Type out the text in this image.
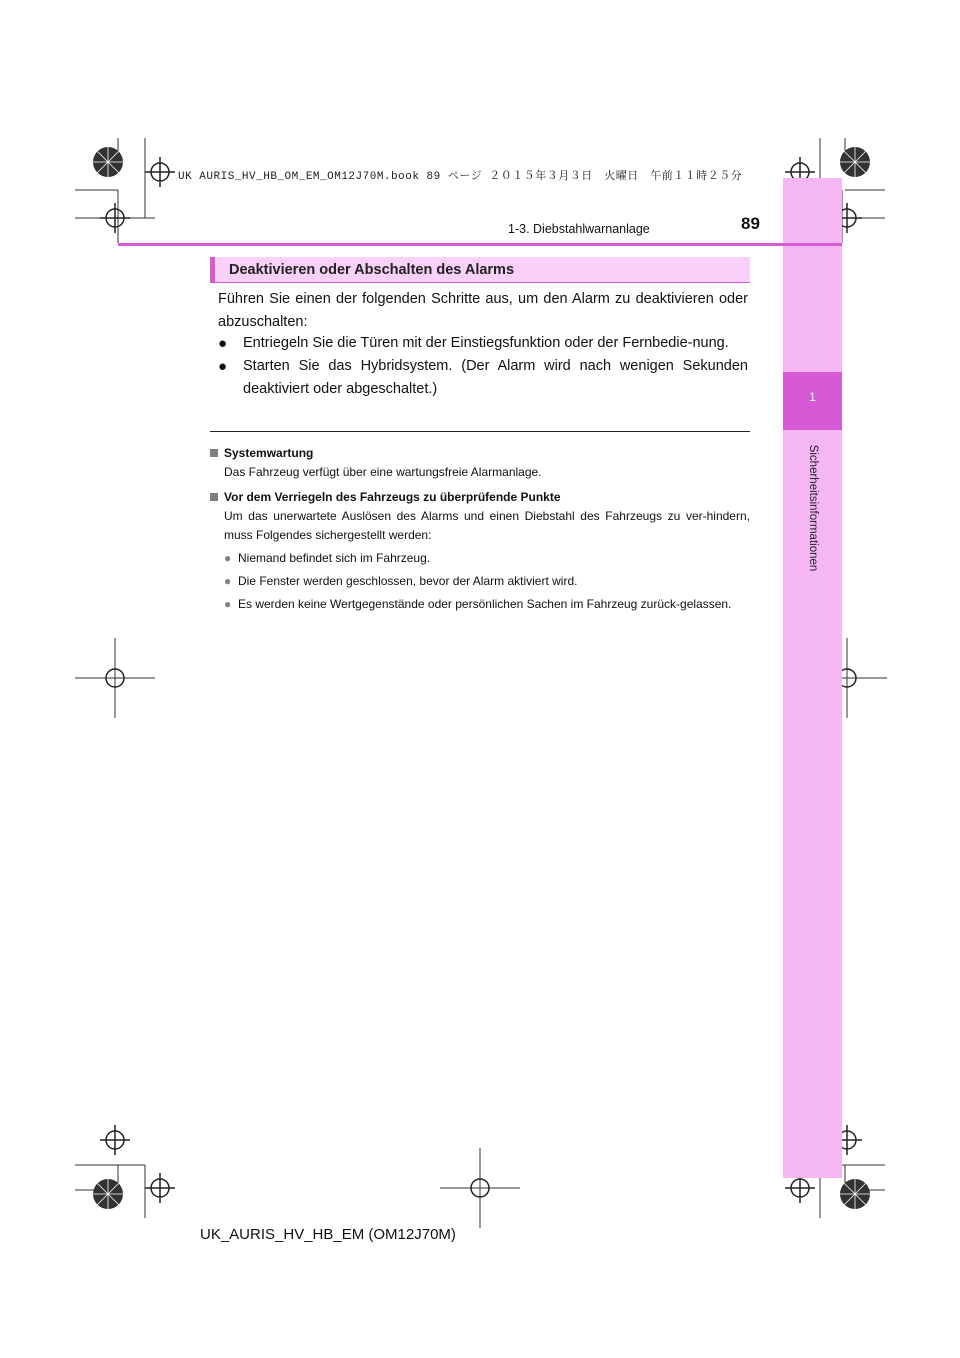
UK AURIS_HV_HB_OM_EM_OM12J70M.book 89 ページ ２０１５年３月３日　火曜日　午前１１時２５分
1
Sicherheitsinformationen
1-3. Diebstahlwarnanlage	89
Deaktivieren oder Abschalten des Alarms
Führen Sie einen der folgenden Schritte aus, um den Alarm zu deaktivieren oder abzuschalten:
● Entriegeln Sie die Türen mit der Einstiegsfunktion oder der Fernbedie-nung.
● Starten Sie das Hybridsystem. (Der Alarm wird nach wenigen Sekunden deaktiviert oder abgeschaltet.)
Systemwartung
Das Fahrzeug verfügt über eine wartungsfreie Alarmanlage.
Vor dem Verriegeln des Fahrzeugs zu überprüfende Punkte
Um das unerwartete Auslösen des Alarms und einen Diebstahl des Fahrzeugs zu ver-hindern, muss Folgendes sichergestellt werden:
● Niemand befindet sich im Fahrzeug.
● Die Fenster werden geschlossen, bevor der Alarm aktiviert wird.
● Es werden keine Wertgegenstände oder persönlichen Sachen im Fahrzeug zurück-gelassen.
UK_AURIS_HV_HB_EM (OM12J70M)
